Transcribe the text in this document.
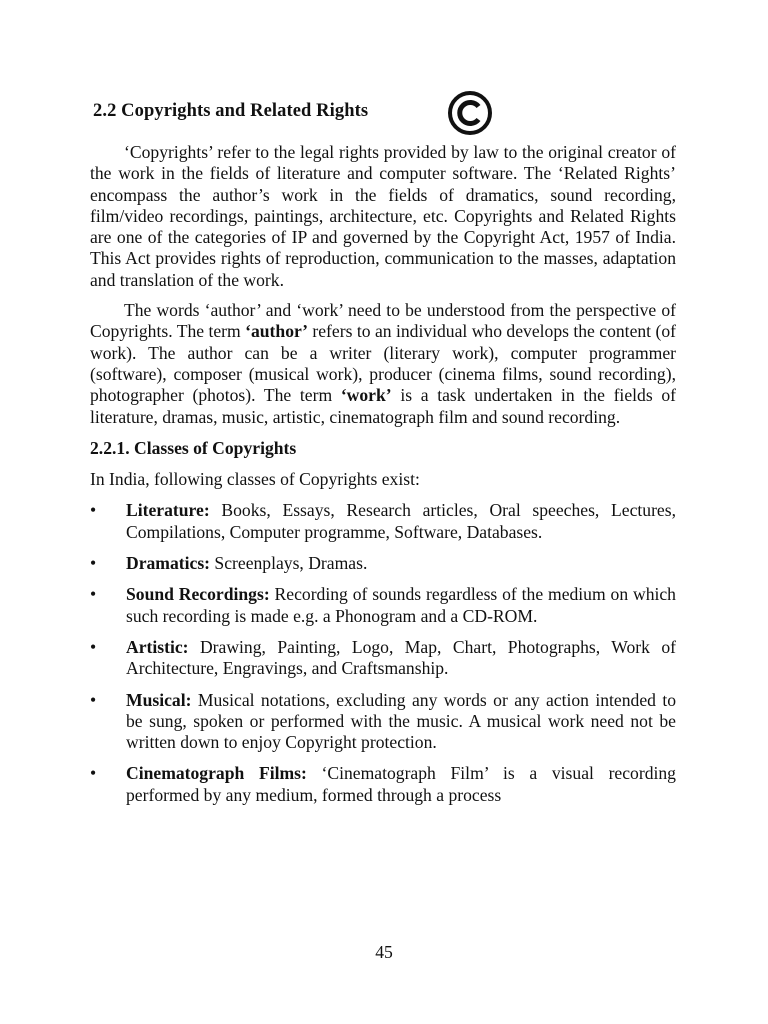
2.2 Copyrights and Related Rights

‘Copyrights’ refer to the legal rights provided by law to the original creator of the work in the fields of literature and computer software. The ‘Related Rights’ encompass the author’s work in the fields of dramatics, sound recording, film/video recordings, paintings, architecture, etc. Copyrights and Related Rights are one of the categories of IP and governed by the Copyright Act, 1957 of India. This Act provides rights of reproduction, communication to the masses, adaptation and translation of the work.

The words ‘author’ and ‘work’ need to be understood from the perspective of Copyrights. The term ‘author’ refers to an individual who develops the content (of work). The author can be a writer (literary work), computer programmer (software), composer (musical work), producer (cinema films, sound recording), photographer (photos). The term ‘work’ is a task undertaken in the fields of literature, dramas, music, artistic, cinematograph film and sound recording.

2.2.1. Classes of Copyrights
In India, following classes of Copyrights exist:
•	Literature: Books, Essays, Research articles, Oral speeches, Lectures, Compilations, Computer programme, Software, Databases.
•	Dramatics: Screenplays, Dramas.
•	Sound Recordings: Recording of sounds regardless of the medium on which such recording is made e.g. a Phonogram and a CD-ROM.
•	Artistic: Drawing, Painting, Logo, Map, Chart, Photographs, Work of Architecture, Engravings, and Craftsmanship.
•	Musical: Musical notations, excluding any words or any action intended to be sung, spoken or performed with the music. A musical work need not be written down to enjoy Copyright protection.
•	Cinematograph Films: ‘Cinematograph Film’ is a visual recording performed by any medium, formed through a process
45
